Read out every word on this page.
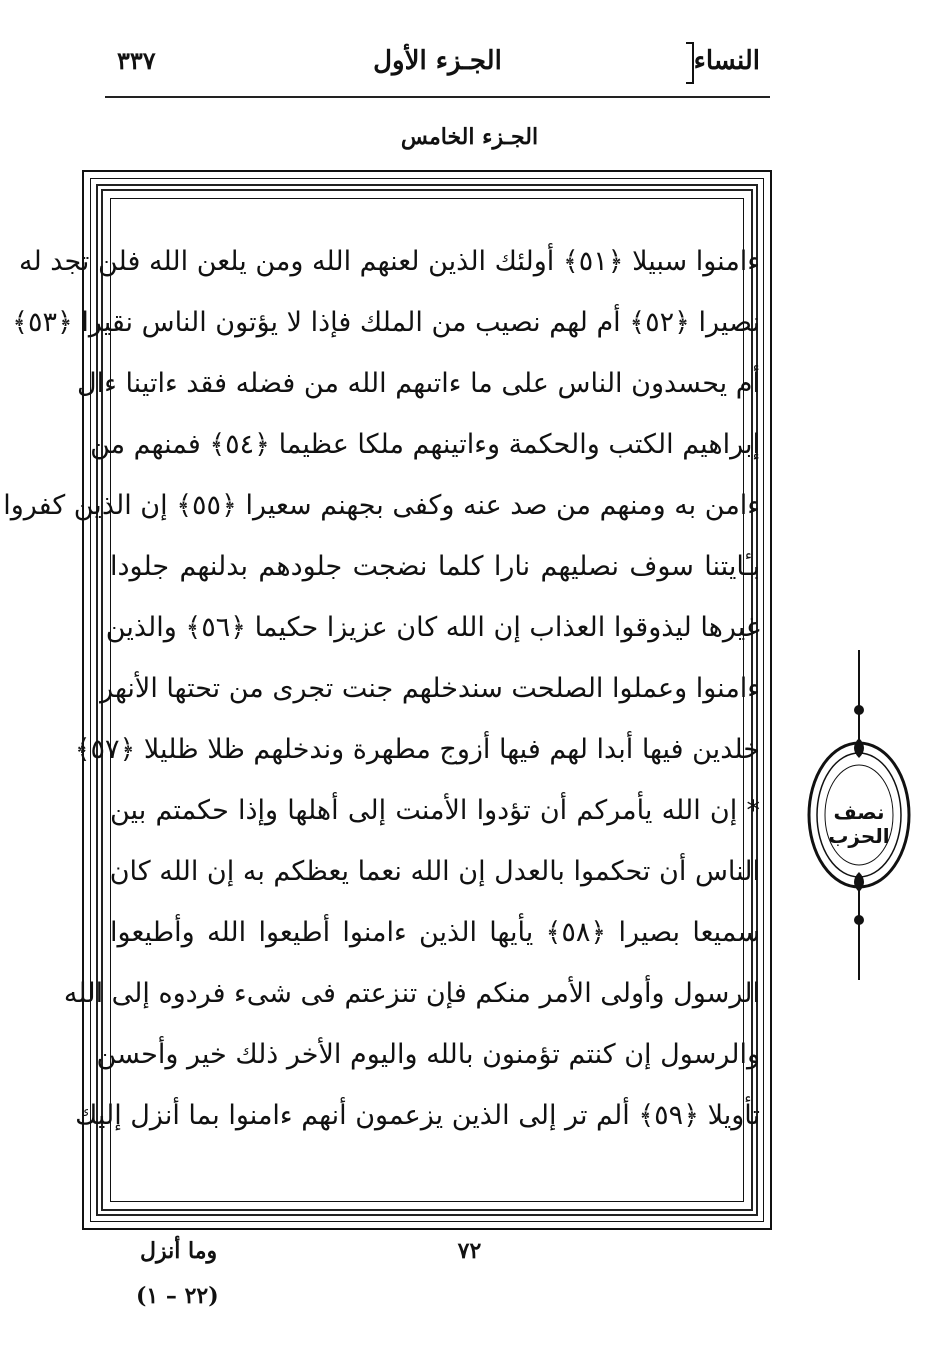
النساء
الجـزء الأول
٣٣٧
الجـزء الخامس
ءامنوا سبيلا ﴿٥١﴾ أولئك الذين لعنهم الله ومن يلعن الله فلن تجد له
نصيرا ﴿٥٢﴾ أم لهم نصيب من الملك فإذا لا يؤتون الناس نقيرا ﴿٥٣﴾
أم يحسدون الناس على ما ءاتىهم الله من فضله فقد ءاتينا ءال
إبراهيم الكتب والحكمة وءاتينهم ملكا عظيما ﴿٥٤﴾ فمنهم من
ءامن به ومنهم من صد عنه وكفى بجهنم سعيرا ﴿٥٥﴾ إن الذين كفروا
بـٔايتنا سوف نصليهم نارا كلما نضجت جلودهم بدلنهم جلودا
غيرها ليذوقوا العذاب إن الله كان عزيزا حكيما ﴿٥٦﴾ والذين
ءامنوا وعملوا الصلحت سندخلهم جنت تجرى من تحتها الأنهر
خلدين فيها أبدا لهم فيها أزوج مطهرة وندخلهم ظلا ظليلا ﴿٥٧﴾
* إن الله يأمركم أن تؤدوا الأمنت إلى أهلها وإذا حكمتم بين
الناس أن تحكموا بالعدل إن الله نعما يعظكم به إن الله كان
سميعا بصيرا ﴿٥٨﴾ يأيها الذين ءامنوا أطيعوا الله وأطيعوا
الرسول وأولى الأمر منكم فإن تنزعتم فى شىء فردوه إلى الله
والرسول إن كنتم تؤمنون بالله واليوم الأخر ذلك خير وأحسن
تأويلا ﴿٥٩﴾ ألم تر إلى الذين يزعمون أنهم ءامنوا بما أنزل إليك
نصف
الحزب
وما أنزل	٧٢
(٢٢ – ١)
